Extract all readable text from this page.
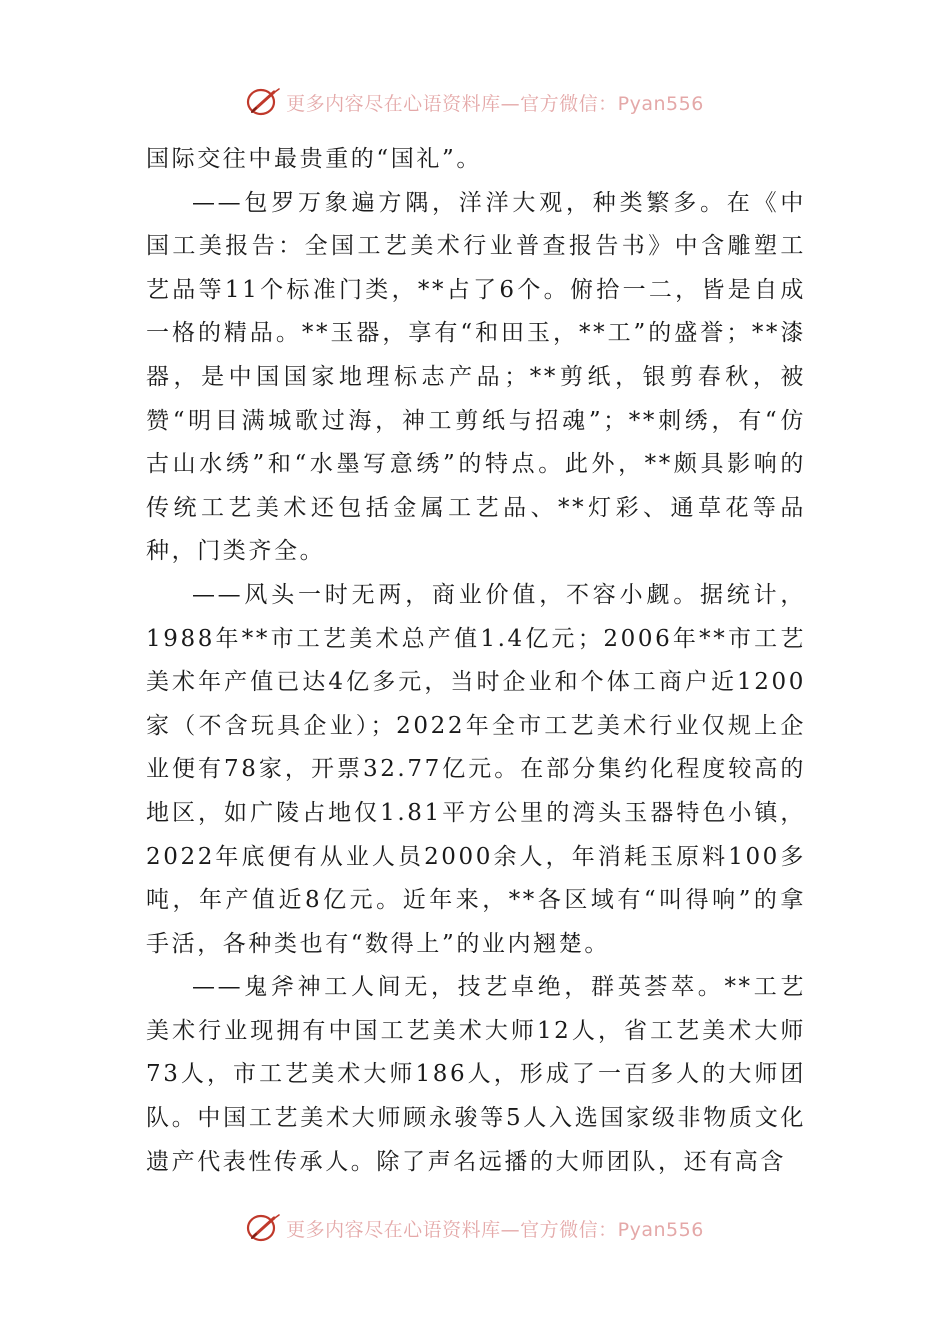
更多内容尽在心语资料库—官方微信：Pyan556

国际交往中最贵重的“国礼”。

——包罗万象遍方隅，洋洋大观，种类繁多。在《中国工美报告：全国工艺美术行业普查报告书》中含雕塑工艺品等11个标准门类，**占了6个。俯拾一二，皆是自成一格的精品。**玉器，享有“和田玉，**工”的盛誉；**漆器，是中国国家地理标志产品；**剪纸，银剪春秋，被赞“明目满城歌过海，神工剪纸与招魂”；**刺绣，有“仿古山水绣”和“水墨写意绣”的特点。此外，**颇具影响的传统工艺美术还包括金属工艺品、**灯彩、通草花等品种，门类齐全。

——风头一时无两，商业价值，不容小觑。据统计，1988年**市工艺美术总产值1.4亿元；2006年**市工艺美术年产值已达4亿多元，当时企业和个体工商户近1200家（不含玩具企业）；2022年全市工艺美术行业仅规上企业便有78家，开票32.77亿元。在部分集约化程度较高的地区，如广陵占地仅1.81平方公里的湾头玉器特色小镇，2022年底便有从业人员2000余人，年消耗玉原料100多吨，年产值近8亿元。近年来，**各区域有“叫得响”的拿手活，各种类也有“数得上”的业内翘楚。

——鬼斧神工人间无，技艺卓绝，群英荟萃。**工艺美术行业现拥有中国工艺美术大师12人，省工艺美术大师73人，市工艺美术大师186人，形成了一百多人的大师团队。中国工艺美术大师顾永骏等5人入选国家级非物质文化遗产代表性传承人。除了声名远播的大师团队，还有高含

更多内容尽在心语资料库—官方微信：Pyan556
